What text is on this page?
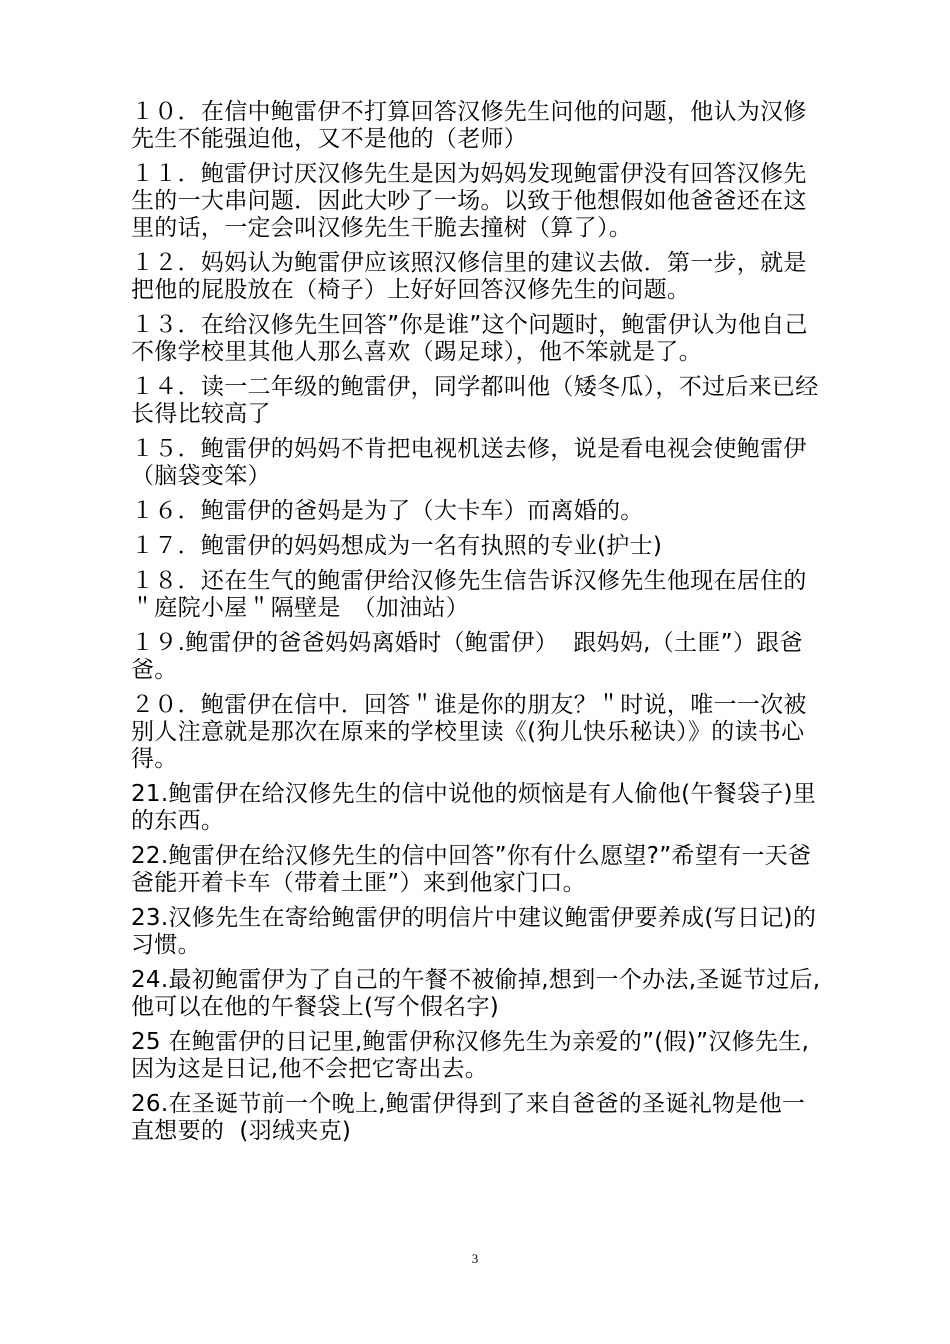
１０．在信中鲍雷伊不打算回答汉修先生问他的问题，他认为汉修先生不能强迫他，又不是他的（老师）

１１．鲍雷伊讨厌汉修先生是因为妈妈发现鲍雷伊没有回答汉修先生的一大串问题．因此大吵了一场。以致于他想假如他爸爸还在这里的话，一定会叫汉修先生干脆去撞树（算了）。

１２．妈妈认为鲍雷伊应该照汉修信里的建议去做．第一步，就是把他的屁股放在（椅子）上好好回答汉修先生的问题。

１３．在给汉修先生回答”你是谁”这个问题时，鲍雷伊认为他自己不像学校里其他人那么喜欢（踢足球），他不笨就是了。

１４．读一二年级的鲍雷伊，同学都叫他（矮冬瓜），不过后来已经长得比较高了

１５．鲍雷伊的妈妈不肯把电视机送去修，说是看电视会使鲍雷伊（脑袋变笨）

１６．鲍雷伊的爸妈是为了（大卡车）而离婚的。

１７．鲍雷伊的妈妈想成为一名有执照的专业(护士)

１８．还在生气的鲍雷伊给汉修先生信告诉汉修先生他现在居住的＂庭院小屋＂隔壁是　（加油站）

１９.鲍雷伊的爸爸妈妈离婚时（鲍雷伊）  跟妈妈,（土匪”）跟爸爸。

２０．鲍雷伊在信中．回答＂谁是你的朋友？＂时说，唯一一次被别人注意就是那次在原来的学校里读《(狗儿快乐秘诀）》的读书心得。

21.鲍雷伊在给汉修先生的信中说他的烦恼是有人偷他(午餐袋子)里的东西。

22.鲍雷伊在给汉修先生的信中回答”你有什么愿望?”希望有一天爸爸能开着卡车（带着土匪”）来到他家门口。

23.汉修先生在寄给鲍雷伊的明信片中建议鲍雷伊要养成(写日记)的习惯。

24.最初鲍雷伊为了自己的午餐不被偷掉,想到一个办法,圣诞节过后,他可以在他的午餐袋上(写个假名字)

25 在鲍雷伊的日记里,鲍雷伊称汉修先生为亲爱的”(假)”汉修先生,因为这是日记,他不会把它寄出去。

26.在圣诞节前一个晚上,鲍雷伊得到了来自爸爸的圣诞礼物是他一直想要的  (羽绒夹克)

3
